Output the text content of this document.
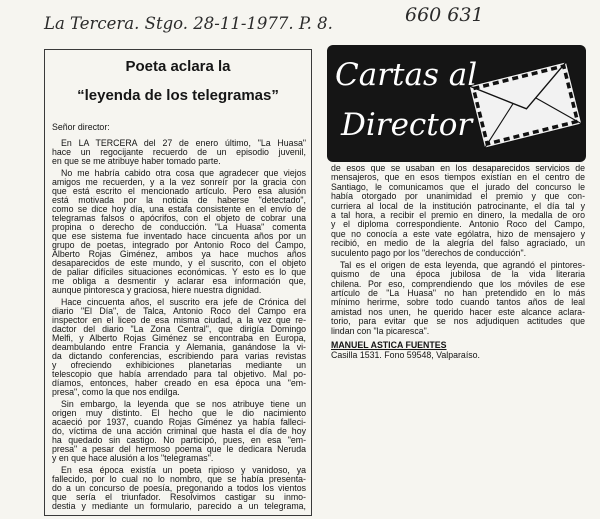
La Tercera. Stgo. 28-11-1977. P. 8.	660 631
Poeta aclara la
“leyenda de los telegramas”
Señor director:
En LA TERCERA del 27 de enero último, "La Huasa"
hace un regocijante recuerdo de un episodio juvenil,
en que se me atribuye haber tomado parte.
No me habría cabido otra cosa que agradecer que viejos
amigos me recuerden, y a la vez sonreír por la gracia con
que está escrito el mencionado artículo. Pero esa alusión
está motivada por la noticia de haberse "detectado",
como se dice hoy día, una estafa consistente en el envío de
telegramas falsos o apócrifos, con el objeto de cobrar una
propina o derecho de conducción. "La Huasa" comenta
que ese sistema fue inventado hace cincuenta años por un
grupo de poetas, integrado por Antonio Roco del Campo,
Alberto Rojas Giménez, ambos ya hace muchos años
desaparecidos de este mundo, y el suscrito, con el objeto
de paliar difíciles situaciones económicas. Y esto es lo que
me obliga a desmentir y aclarar esa información que,
aunque pintoresca y graciosa, hiere nuestra dignidad.
Hace cincuenta años, el suscrito era jefe de Crónica del
diario "El Día", de Talca, Antonio Roco del Campo era
inspector en el liceo de esa misma ciudad, a la vez que re-
dactor del diario "La Zona Central", que dirigía Domingo
Melfi, y Alberto Rojas Giménez se encontraba en Europa,
deambulando entre Francia y Alemania, ganándose la vi-
da dictando conferencias, escribiendo para varias revistas
y ofreciendo exhibiciones planetarias mediante un
telescopio que había arrendado para tal objetivo. Mal po-
díamos, entonces, haber creado en esa época una "em-
presa", como la que nos endilga.
Sin embargo, la leyenda que se nos atribuye tiene un
origen muy distinto. El hecho que le dio nacimiento
acaeció por 1937, cuando Rojas Giménez ya había falleci-
do, víctima de una acción criminal que hasta el día de hoy
ha quedado sin castigo. No participó, pues, en esa "em-
presa" a pesar del hermoso poema que le dedicara Neruda
y en que hace alusión a los "telegramas".
En esa época existía un poeta ripioso y vanidoso, ya
fallecido, por lo cual no lo nombro, que se había presenta-
do a un concurso de poesía, pregonando a todos los vientos
que sería el triunfador. Resolvimos castigar su inmo-
destia y mediante un formulario, parecido a un telegrama,
Cartas al
Director
de esos que se usaban en los desaparecidos servicios de
mensajeros, que en esos tiempos existían en el centro de
Santiago, le comunicamos que el jurado del concurso le
había otorgado por unanimidad el premio y que con-
curriera al local de la institución patrocinante, el día tal y
a tal hora, a recibir el premio en dinero, la medalla de oro
y el diploma correspondiente. Antonio Roco del Campo,
que no conocía a este vate ególatra, hizo de mensajero y
recibió, en medio de la alegría del falso agraciado, un
suculento pago por los "derechos de conducción".
Tal es el origen de esta leyenda, que agrandó el pintores-
quismo de una época jubilosa de la vida literaria
chilena. Por eso, comprendiendo que los móviles de ese
artículo de "La Huasa" no han pretendido en lo más
mínimo herirme, sobre todo cuando tantos años de leal
amistad nos unen, he querido hacer este alcance aclara-
torio, para evitar que se nos adjudiquen actitudes que
lindan con "la picaresca".
MANUEL ASTICA FUENTES
Casilla 1531. Fono 59548, Valparaíso.
